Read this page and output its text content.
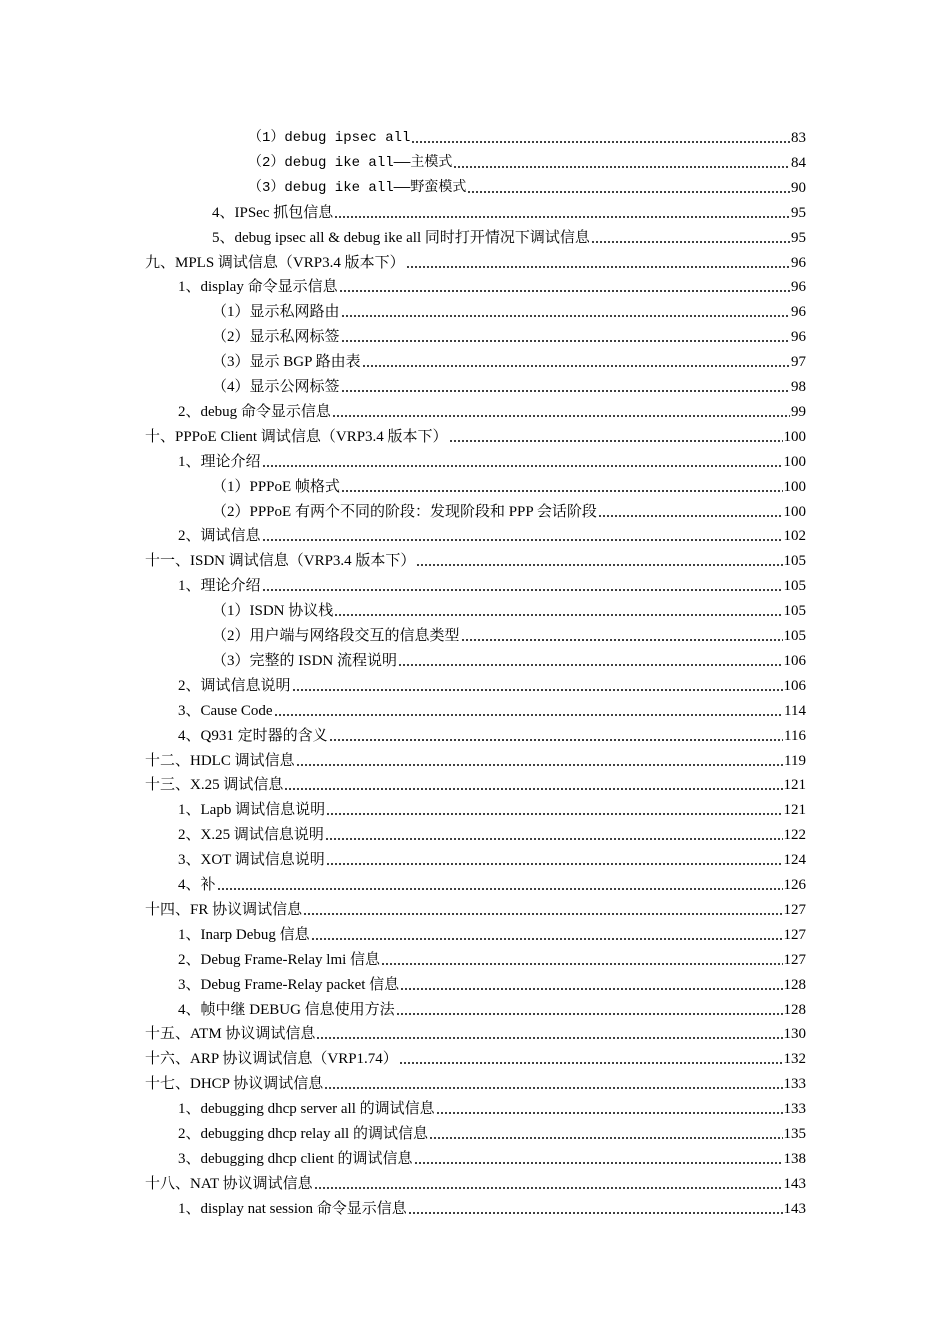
（1）debug ipsec all	83
（2）debug ike all——主模式	84
（3）debug ike all——野蛮模式	90
4、IPSec 抓包信息	95
5、debug ipsec all & debug ike all 同时打开情况下调试信息	95
九、MPLS 调试信息（VRP3.4 版本下）	96
1、display 命令显示信息	96
（1）显示私网路由	96
（2）显示私网标签	96
（3）显示 BGP 路由表	97
（4）显示公网标签	98
2、debug 命令显示信息	99
十、PPPoE Client 调试信息（VRP3.4 版本下）	100
1、理论介绍	100
（1）PPPoE 帧格式	100
（2）PPPoE 有两个不同的阶段：发现阶段和 PPP 会话阶段	100
2、调试信息	102
十一、ISDN 调试信息（VRP3.4 版本下）	105
1、理论介绍	105
（1）ISDN 协议栈	105
（2）用户端与网络段交互的信息类型	105
（3）完整的 ISDN 流程说明	106
2、调试信息说明	106
3、Cause Code	114
4、Q931 定时器的含义	116
十二、HDLC 调试信息	119
十三、X.25 调试信息	121
1、Lapb 调试信息说明	121
2、X.25 调试信息说明	122
3、XOT 调试信息说明	124
4、补	126
十四、FR 协议调试信息	127
1、Inarp Debug 信息	127
2、Debug Frame-Relay lmi 信息	127
3、Debug Frame-Relay packet 信息	128
4、帧中继 DEBUG 信息使用方法	128
十五、ATM 协议调试信息	130
十六、ARP 协议调试信息（VRP1.74）	132
十七、DHCP 协议调试信息	133
1、debugging dhcp server all 的调试信息	133
2、debugging dhcp relay all 的调试信息	135
3、debugging dhcp client 的调试信息	138
十八、NAT 协议调试信息	143
1、display nat session 命令显示信息	143
